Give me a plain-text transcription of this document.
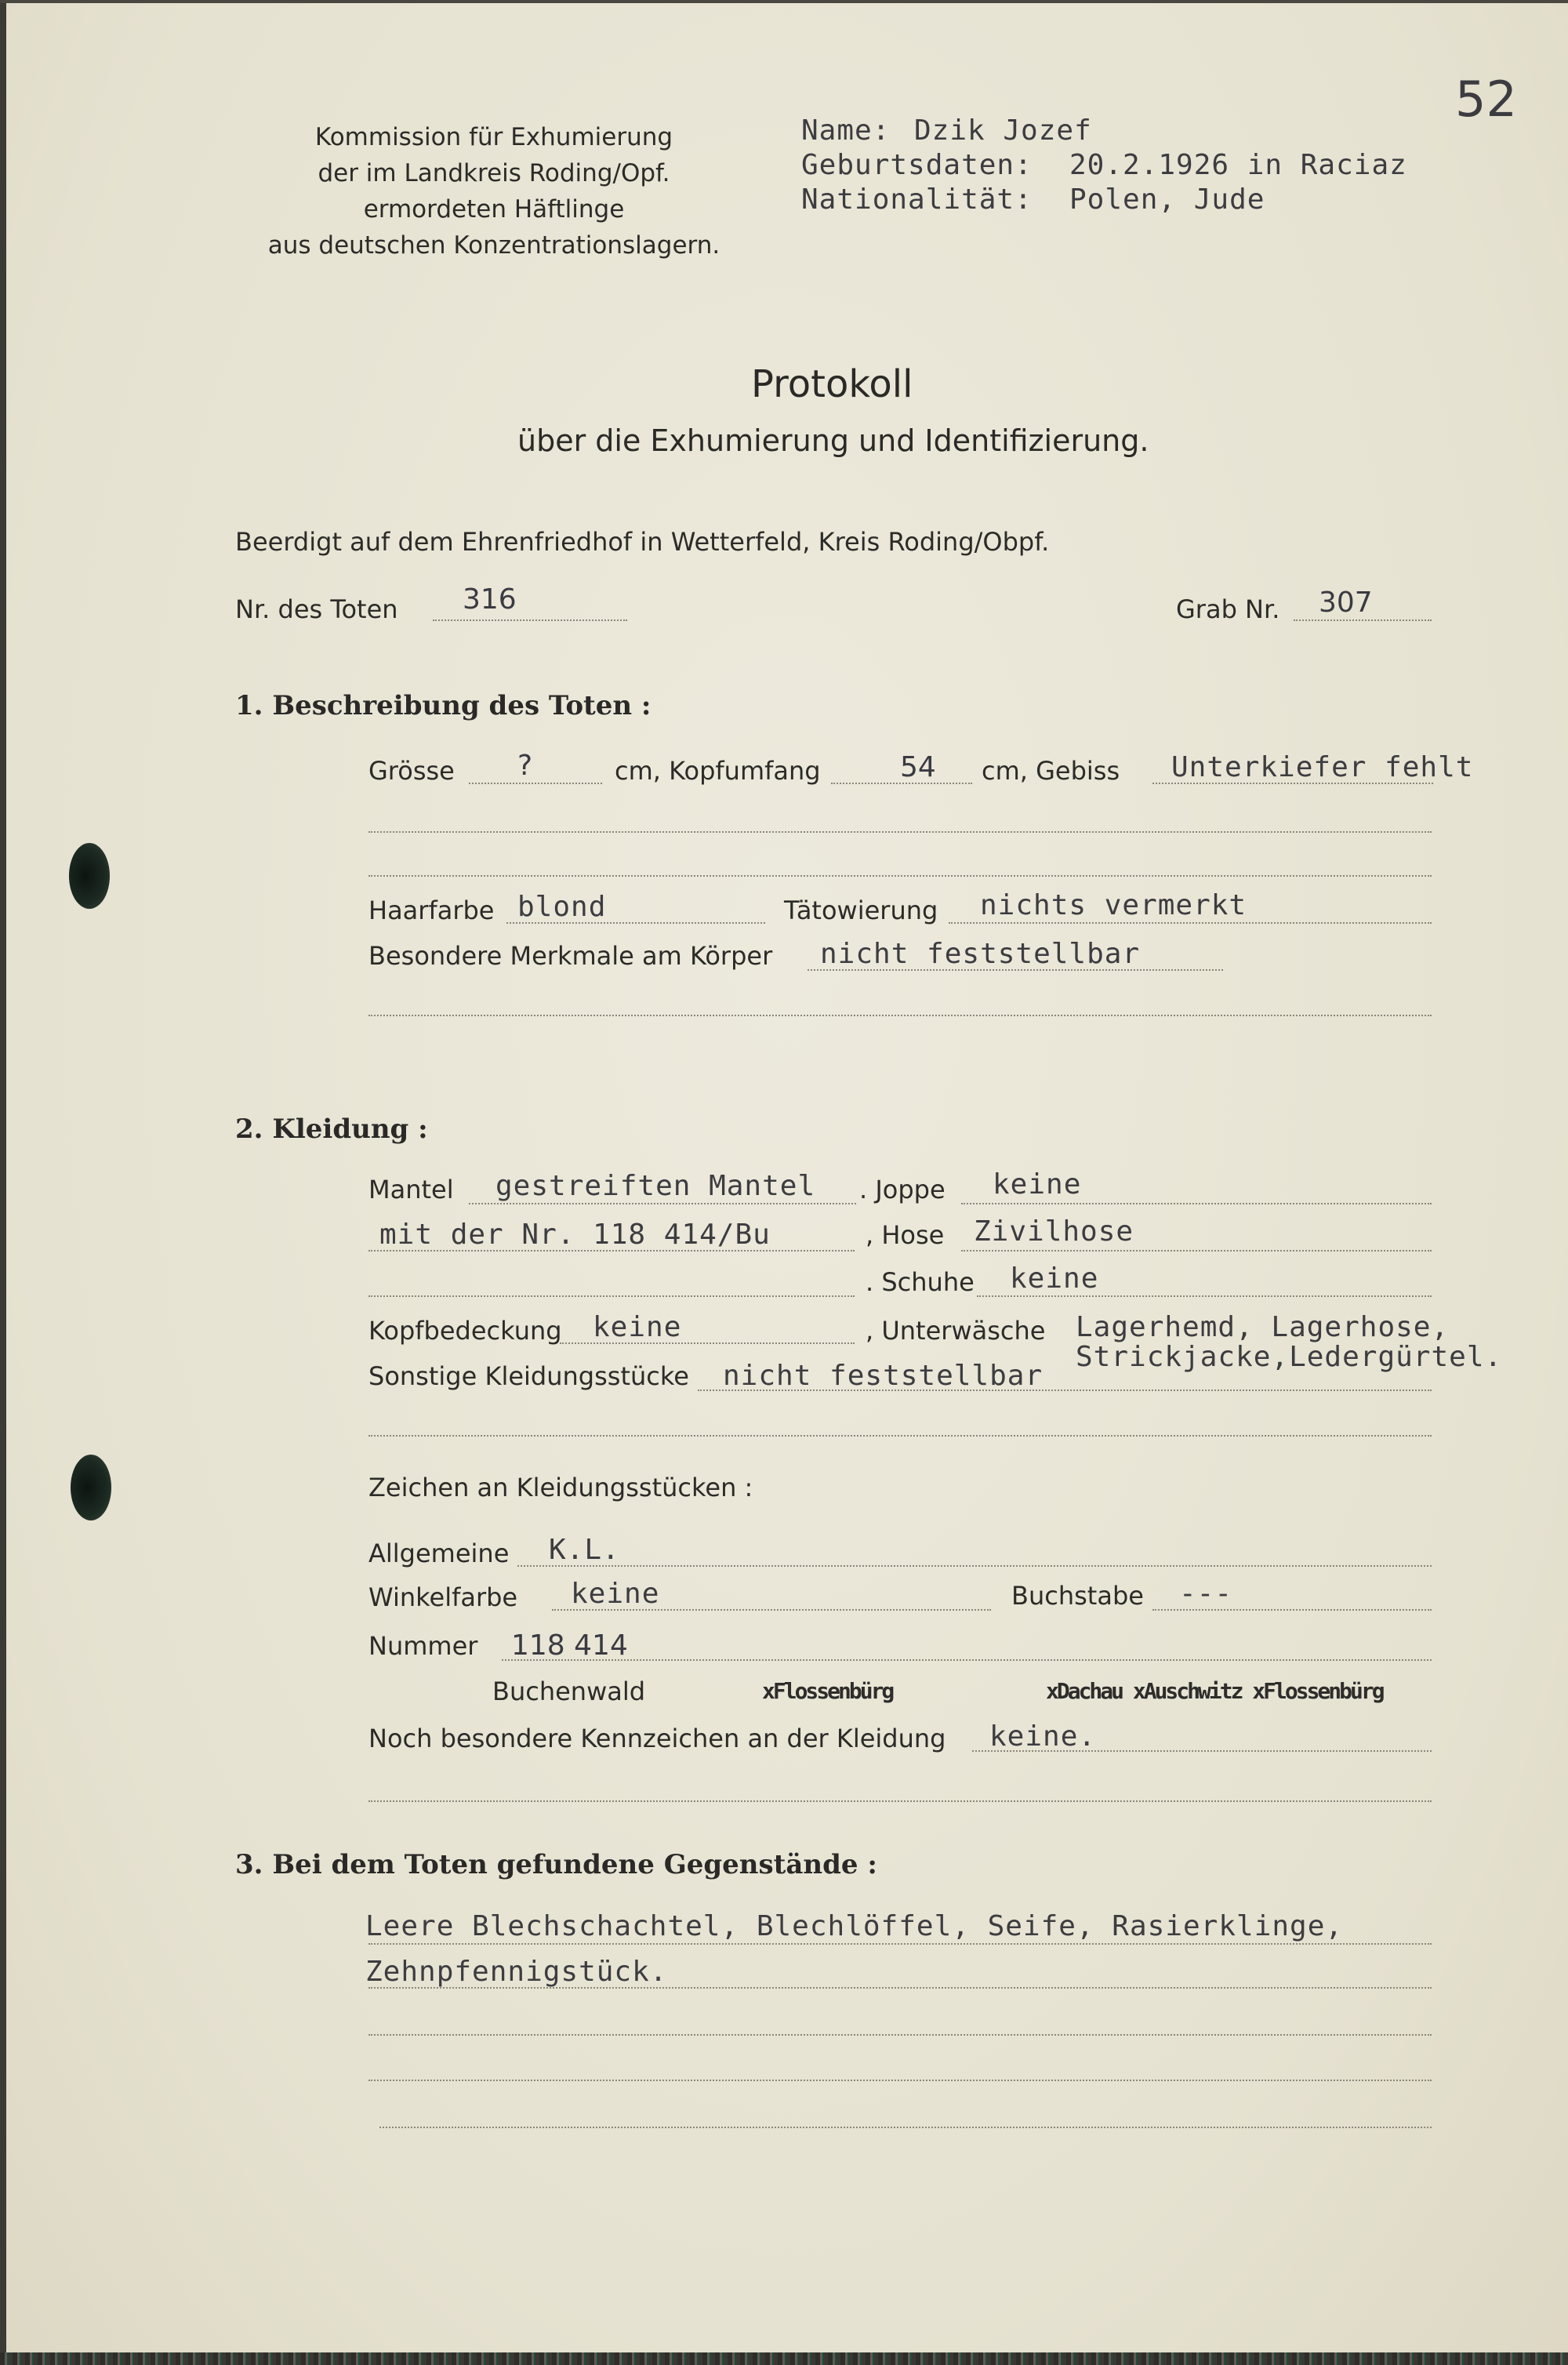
52
Kommission für Exhumierung
der im Landkreis Roding/Opf.
ermordeten Häftlinge
aus deutschen Konzentrationslagern.
Name: Dzik Jozef
Geburtsdaten: 20.2.1926 in Raciaz
Nationalität: Polen, Jude
Protokoll
über die Exhumierung und Identifizierung.
Beerdigt auf dem Ehrenfriedhof in Wetterfeld, Kreis Roding/Obpf.
Nr. des Toten 316	Grab Nr. 307
1. Beschreibung des Toten :
Grösse ?	cm, Kopfumfang	54 cm, Gebiss Unterkiefer fehlt
Haarfarbe blond	Tätowierung nichts vermerkt
Besondere Merkmale am Körper nicht feststellbar
2. Kleidung :
Mantel gestreiften Mantel . Joppe keine
mit der Nr. 118 414/Bu	, Hose Zivilhose
. Schuhe keine
Kopfbedeckung keine	, Unterwäsche Lagerhemd, Lagerhose,
Strickjacke,Ledergürtel.
Sonstige Kleidungsstücke nicht feststellbar
Zeichen an Kleidungsstücken :
Allgemeine K.L.
Winkelfarbe keine	Buchstabe ---
Nummer 118 414
Buchenwald	xFlossenbürg	xDachau xAuschwitz xFlossenbürg
Noch besondere Kennzeichen an der Kleidung keine.
3. Bei dem Toten gefundene Gegenstände :
Leere Blechschachtel, Blechlöffel, Seife, Rasierklinge,
Zehnpfennigstück.
